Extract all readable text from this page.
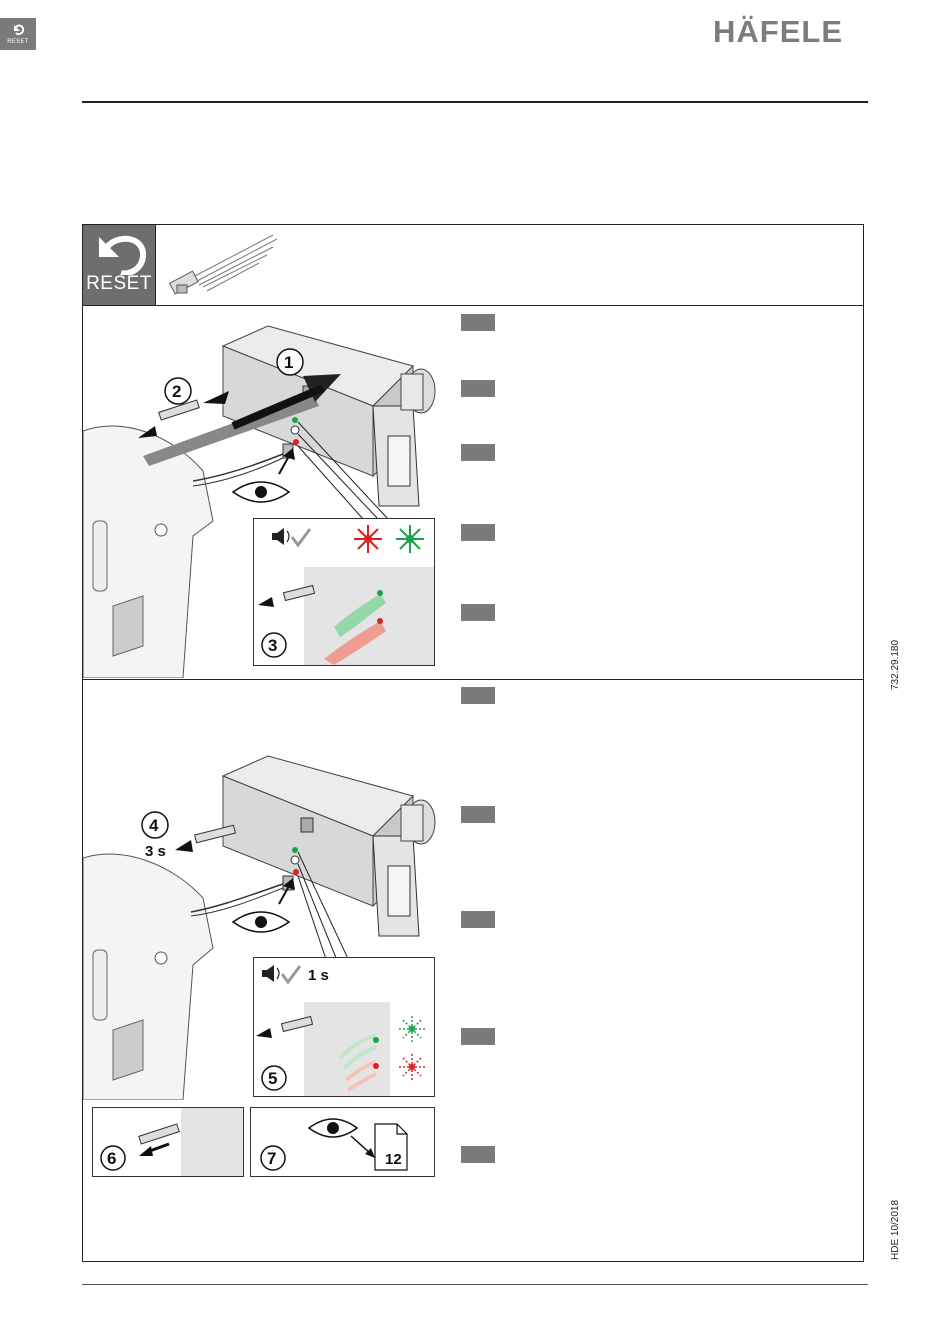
RESET	HÄFELE
RESET
1
2
3
4
3 s
1 s
5
6	7	12
732.29.180
HDE 10/2018
